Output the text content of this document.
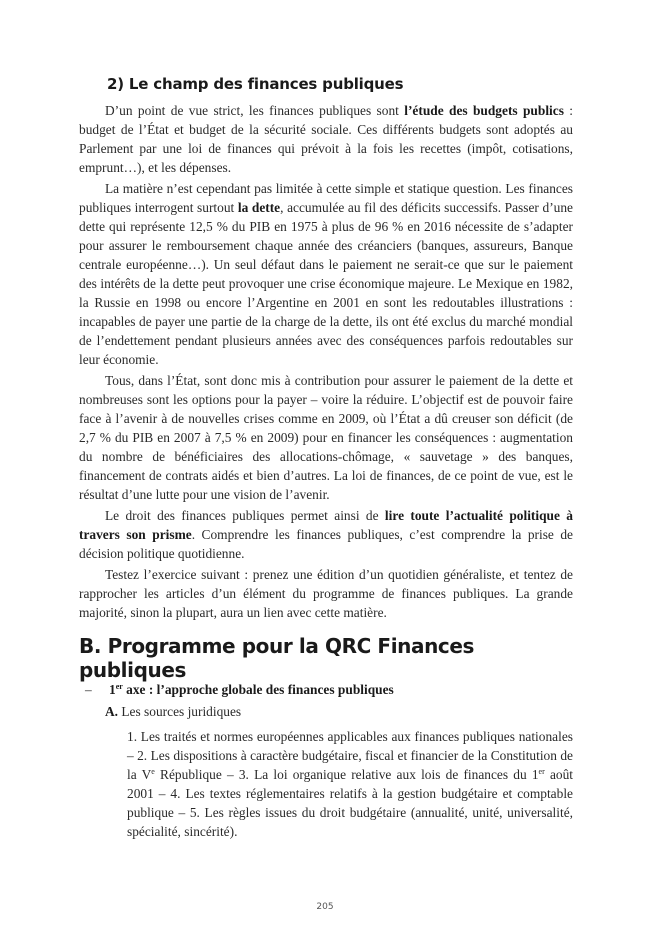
2) Le champ des finances publiques

D’un point de vue strict, les finances publiques sont l’étude des budgets publics : budget de l’État et budget de la sécurité sociale. Ces différents budgets sont adoptés au Parlement par une loi de finances qui prévoit à la fois les recettes (impôt, cotisations, emprunt…), et les dépenses.

La matière n’est cependant pas limitée à cette simple et statique question. Les finances publiques interrogent surtout la dette, accumulée au fil des déficits successifs. Passer d’une dette qui représente 12,5 % du PIB en 1975 à plus de 96 % en 2016 nécessite de s’adapter pour assurer le remboursement chaque année des créanciers (banques, assureurs, Banque centrale européenne…). Un seul défaut dans le paiement ne serait-ce que sur le paiement des intérêts de la dette peut provoquer une crise économique majeure. Le Mexique en 1982, la Russie en 1998 ou encore l’Argentine en 2001 en sont les redoutables illustrations : incapables de payer une partie de la charge de la dette, ils ont été exclus du marché mondial de l’endettement pendant plusieurs années avec des conséquences parfois redoutables sur leur économie.

Tous, dans l’État, sont donc mis à contribution pour assurer le paiement de la dette et nombreuses sont les options pour la payer – voire la réduire. L’objectif est de pouvoir faire face à l’avenir à de nouvelles crises comme en 2009, où l’État a dû creuser son déficit (de 2,7 % du PIB en 2007 à 7,5 % en 2009) pour en financer les conséquences : augmentation du nombre de bénéficiaires des allocations-chômage, « sauvetage » des banques, financement de contrats aidés et bien d’autres. La loi de finances, de ce point de vue, est le résultat d’une lutte pour une vision de l’avenir.

Le droit des finances publiques permet ainsi de lire toute l’actualité politique à travers son prisme. Comprendre les finances publiques, c’est comprendre la prise de décision politique quotidienne.

Testez l’exercice suivant : prenez une édition d’un quotidien généraliste, et tentez de rapprocher les articles d’un élément du programme de finances publiques. La grande majorité, sinon la plupart, aura un lien avec cette matière.

B. Programme pour la QRC Finances publiques
– 1er axe : l’approche globale des finances publiques
A. Les sources juridiques

1. Les traités et normes européennes applicables aux finances publiques nationales – 2. Les dispositions à caractère budgétaire, fiscal et financier de la Constitution de la Ve République – 3. La loi organique relative aux lois de finances du 1er août 2001 – 4. Les textes réglementaires relatifs à la gestion budgétaire et comptable publique – 5. Les règles issues du droit budgétaire (annualité, unité, universalité, spécialité, sincérité).

205
